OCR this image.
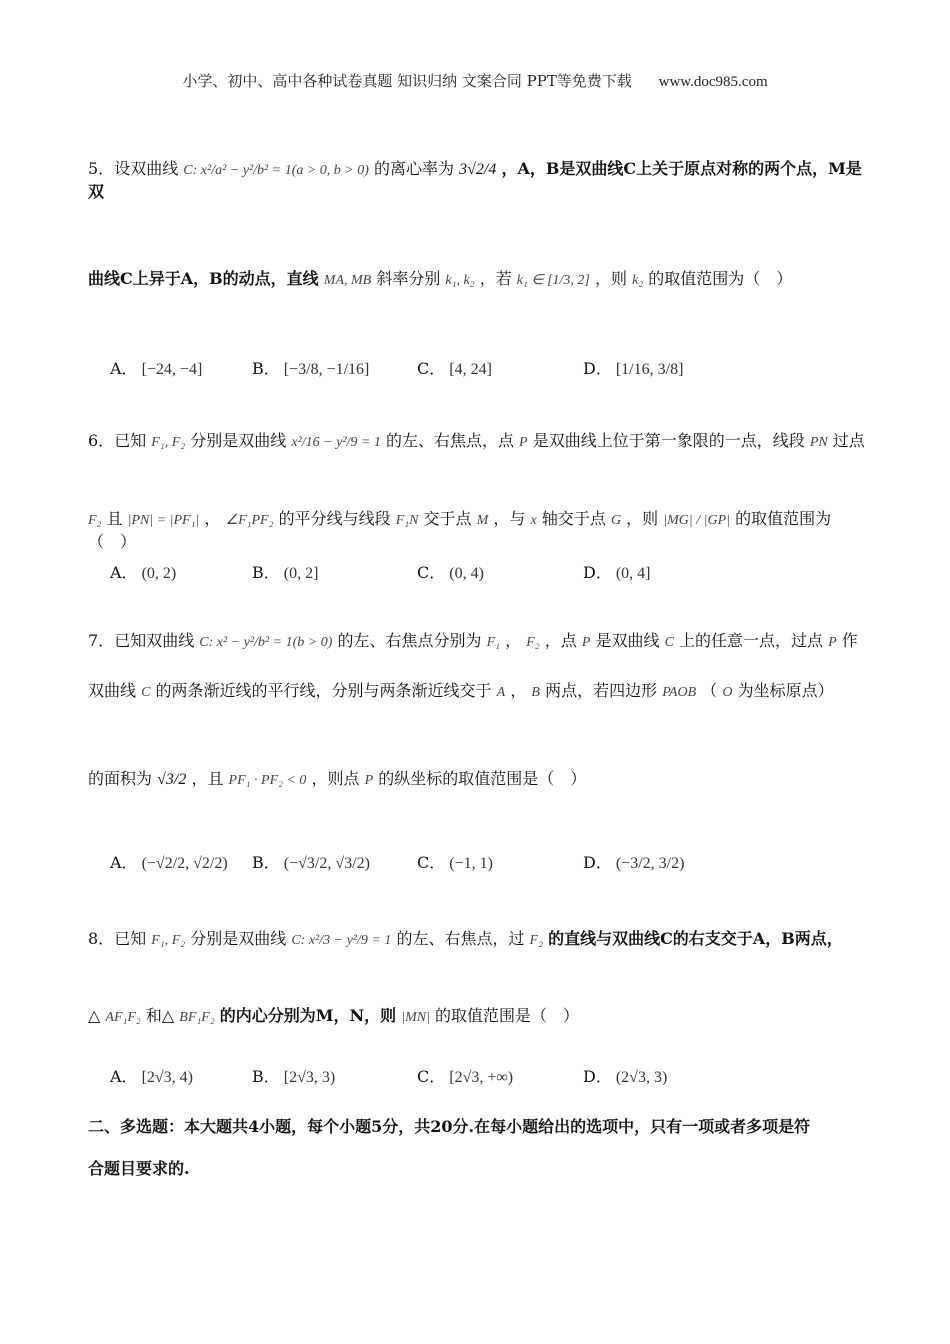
小学、初中、高中各种试卷真题 知识归纳 文案合同 PPT等免费下载 www.doc985.com
5．设双曲线 C: x²/a² − y²/b² = 1(a > 0, b > 0) 的离心率为 3√2/4 ，A，B是双曲线C上关于原点对称的两个点，M是双
曲线C上异于A，B的动点，直线 MA, MB 斜率分别 k₁, k₂ ，若 k₁ ∈ [1/3, 2] ，则 k₂ 的取值范围为（　）
A． [−24, −4]	B． [−3/8, −1/16]	C． [4, 24]	D． [1/16, 3/8]
6．已知 F₁, F₂ 分别是双曲线 x²/16 − y²/9 = 1 的左、右焦点，点 P 是双曲线上位于第一象限的一点，线段 PN 过点
F₂ 且 |PN| = |PF₁| ， ∠F₁PF₂ 的平分线与线段 F₁N 交于点 M ，与 x 轴交于点 G ，则 |MG| / |GP| 的取值范围为（　）
A． (0, 2)	B． (0, 2]	C． (0, 4)	D． (0, 4]
7．已知双曲线 C: x² − y²/b² = 1(b > 0) 的左、右焦点分别为 F₁ ， F₂ ，点 P 是双曲线 C 上的任意一点，过点 P 作
双曲线 C 的两条渐近线的平行线，分别与两条渐近线交于 A ， B 两点，若四边形 PAOB （ O 为坐标原点）
的面积为 √3/2 ，且 PF₁ · PF₂ < 0 ，则点 P 的纵坐标的取值范围是（　）
A． (−√2/2, √2/2) B． (−√3/2, √3/2)	C． (−1, 1)	D． (−3/2, 3/2)
8．已知 F₁, F₂ 分别是双曲线 C: x²/3 − y²/9 = 1 的左、右焦点，过 F₂ 的直线与双曲线C的右支交于A，B两点，
△ AF₁F₂ 和△ BF₁F₂ 的内心分别为M，N，则 |MN| 的取值范围是（　）
A． [2√3, 4)	B． [2√3, 3)	C． [2√3, +∞)	D． (2√3, 3)
二、多选题：本大题共4小题，每个小题5分，共20分.在每小题给出的选项中，只有一项或者多项是符
合题目要求的.
